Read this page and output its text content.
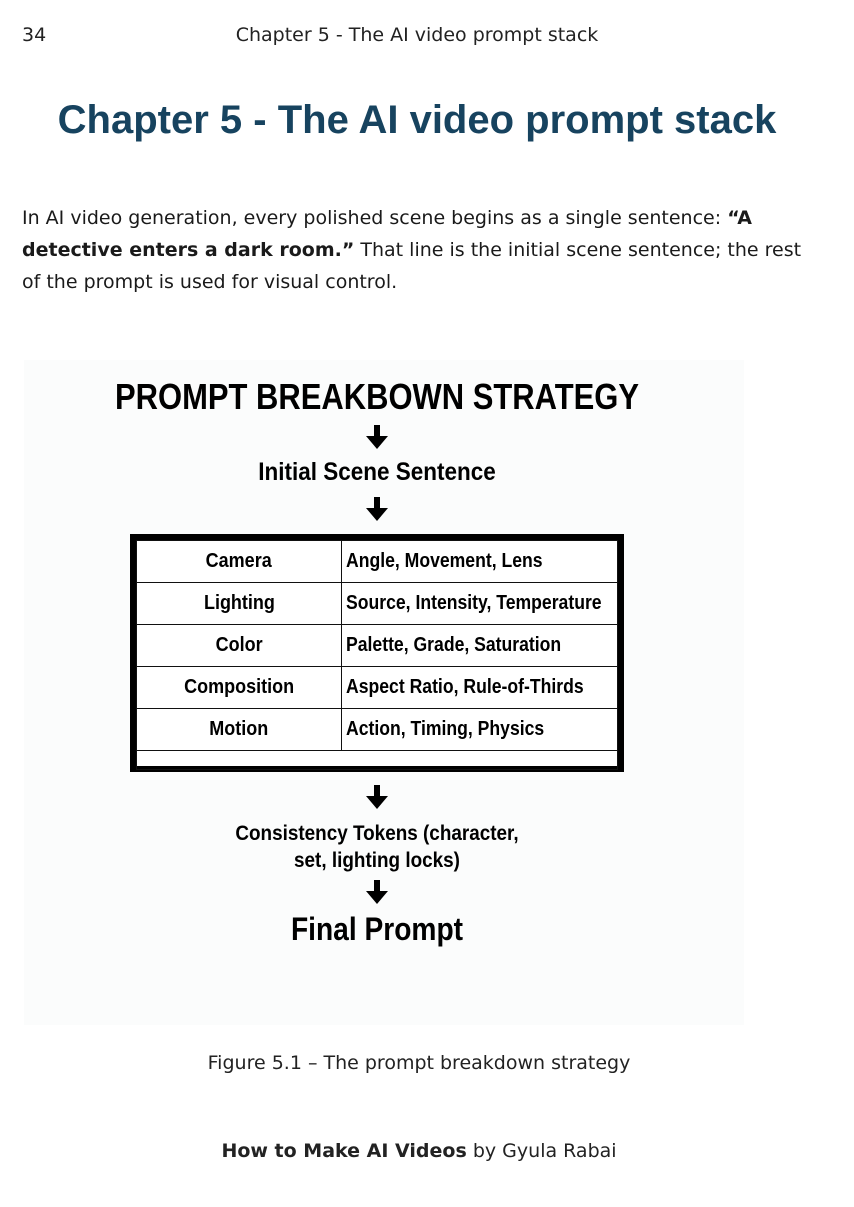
34	Chapter 5 - The AI video prompt stack
Chapter 5 - The AI video prompt stack

In AI video generation, every polished scene begins as a single sentence: “A detective enters a dark room.” That line is the initial scene sentence; the rest of the prompt is used for visual control.

PROMPT BREAKBOWN STRATEGY
Initial Scene Sentence
Camera	Angle, Movement, Lens
Lighting	Source, Intensity, Temperature
Color	Palette, Grade, Saturation
Composition	Aspect Ratio, Rule-of-Thirds
Motion	Action, Timing, Physics

Consistency Tokens (character,
set, lighting locks)
Final Prompt

Figure 5.1 – The prompt breakdown strategy

How to Make AI Videos by Gyula Rabai
